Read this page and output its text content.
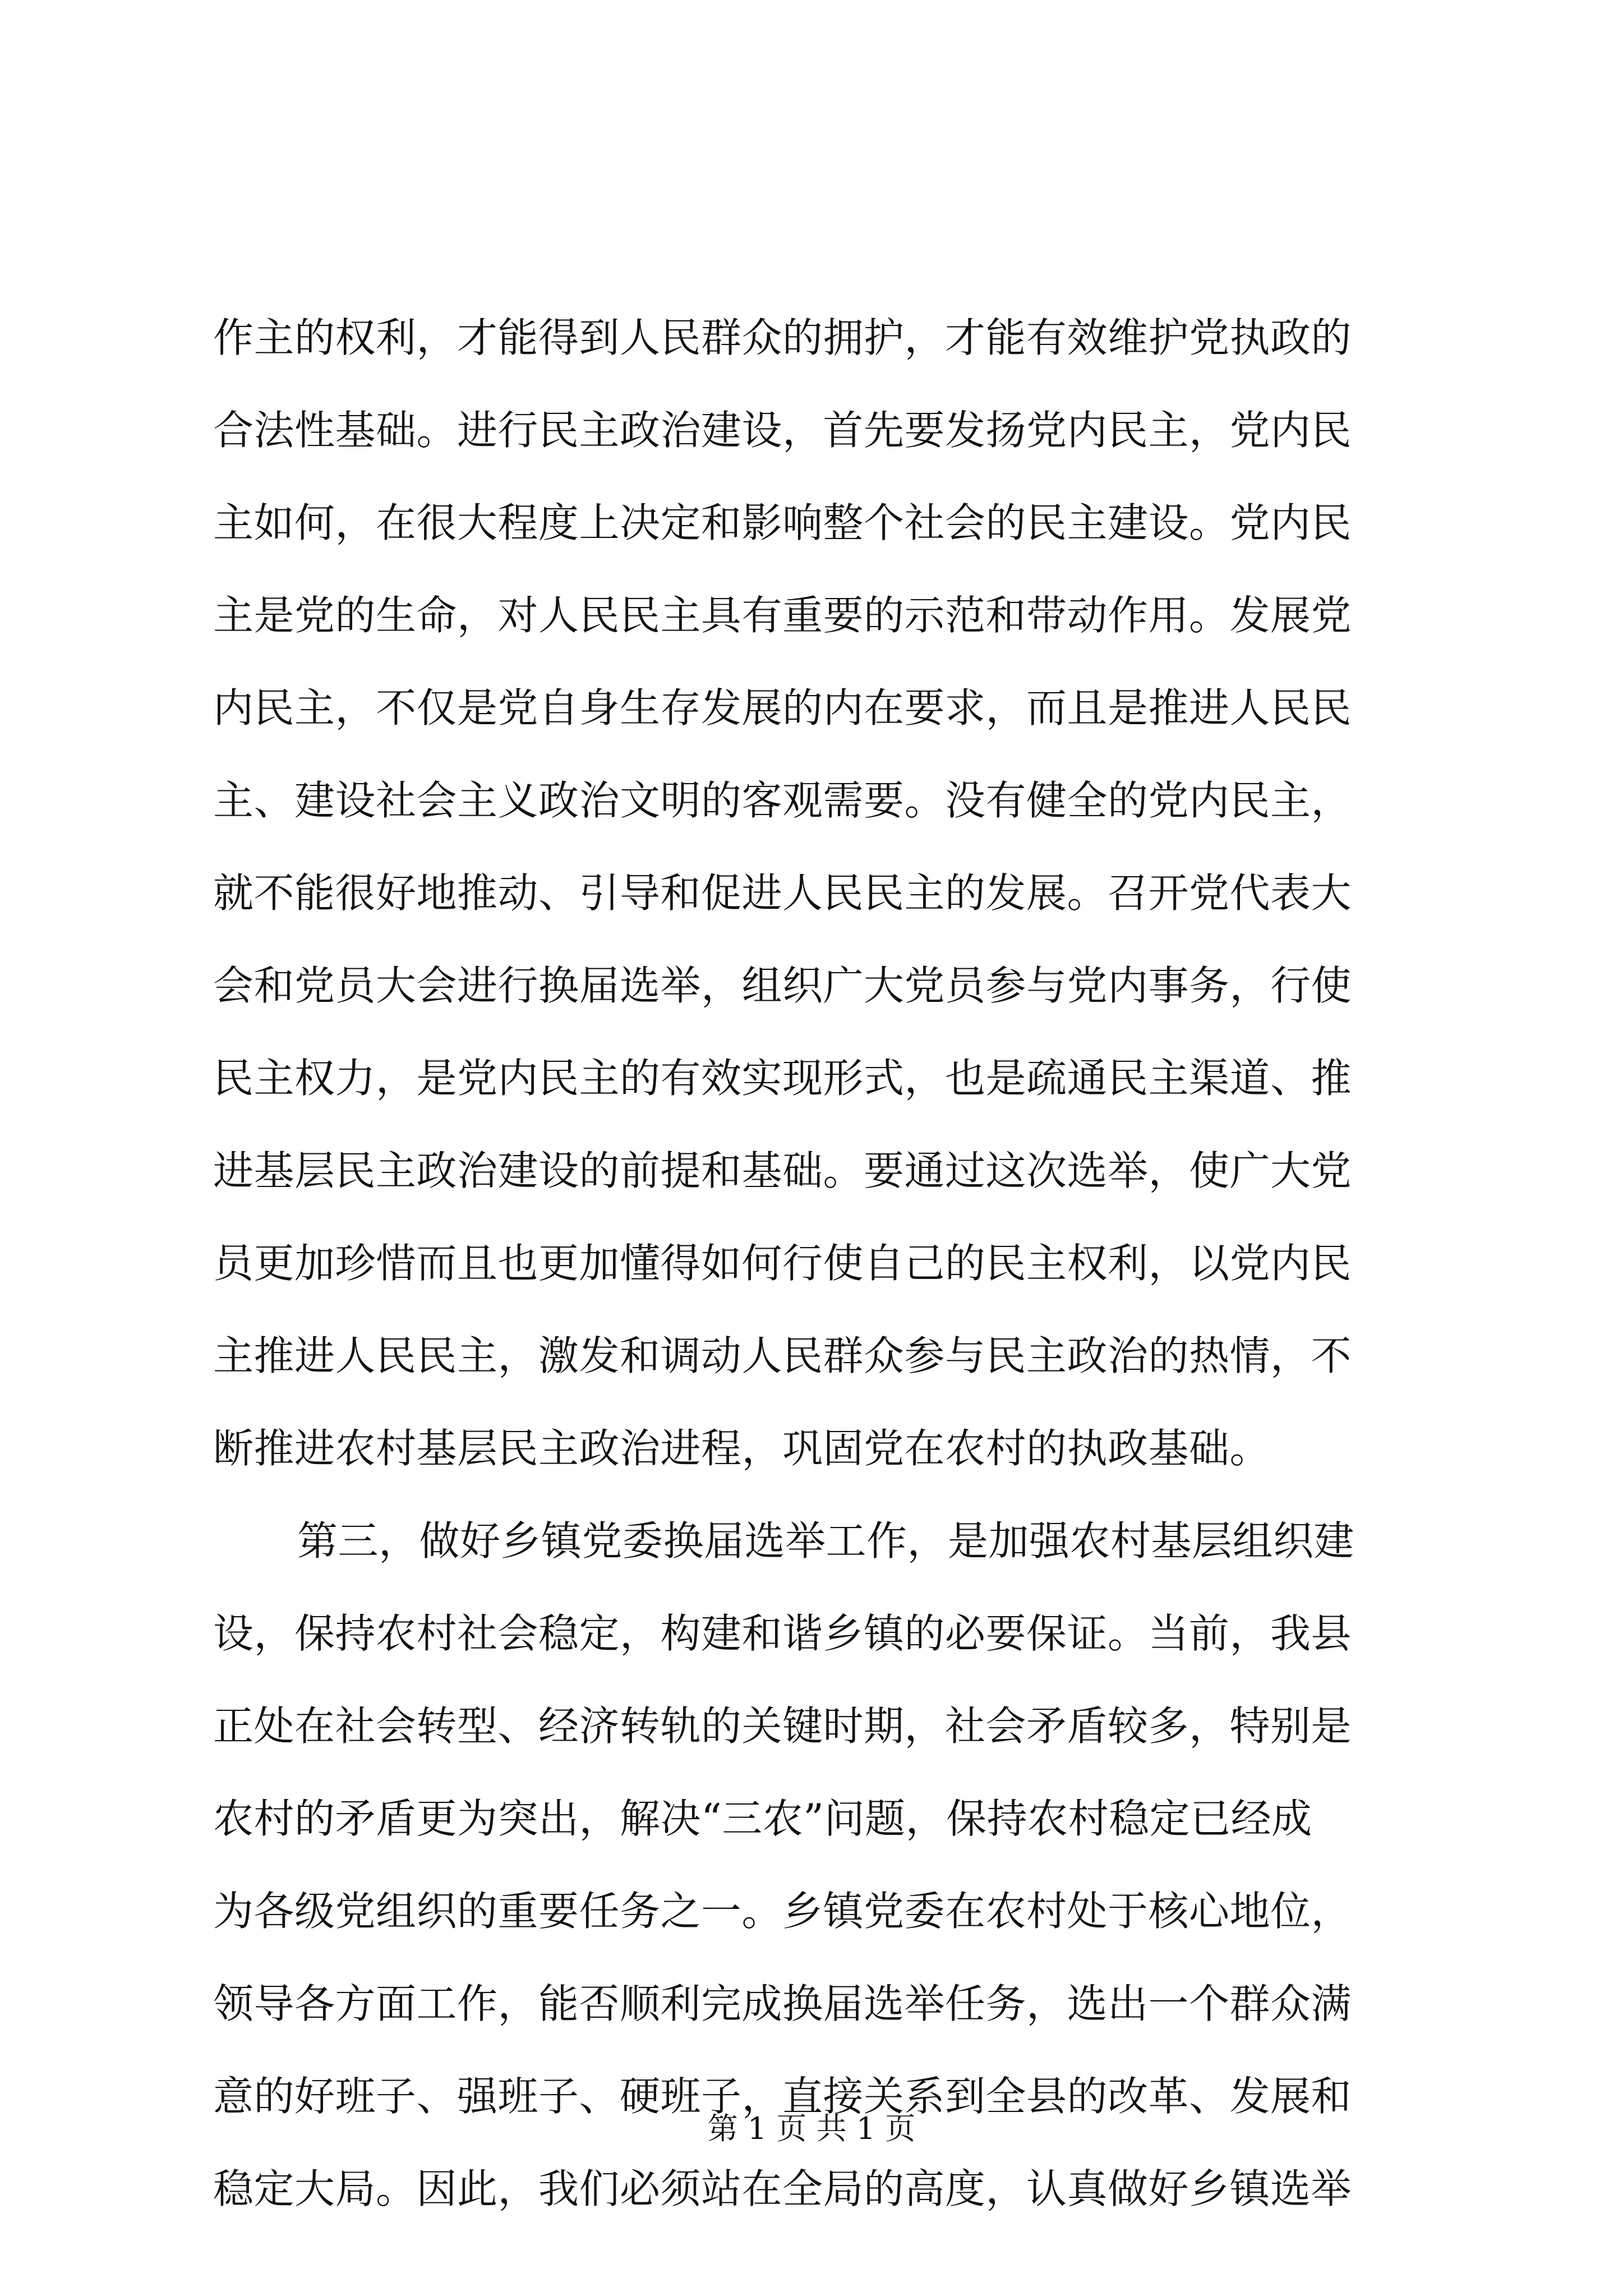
作主的权利，才能得到人民群众的拥护，才能有效维护党执政的
合法性基础。进行民主政治建设，首先要发扬党内民主，党内民
主如何，在很大程度上决定和影响整个社会的民主建设。党内民
主是党的生命，对人民民主具有重要的示范和带动作用。发展党
内民主，不仅是党自身生存发展的内在要求，而且是推进人民民
主、建设社会主义政治文明的客观需要。没有健全的党内民主，
就不能很好地推动、引导和促进人民民主的发展。召开党代表大
会和党员大会进行换届选举，组织广大党员参与党内事务，行使
民主权力，是党内民主的有效实现形式，也是疏通民主渠道、推
进基层民主政治建设的前提和基础。要通过这次选举，使广大党
员更加珍惜而且也更加懂得如何行使自己的民主权利，以党内民
主推进人民民主，激发和调动人民群众参与民主政治的热情，不
断推进农村基层民主政治进程，巩固党在农村的执政基础。
第三，做好乡镇党委换届选举工作，是加强农村基层组织建
设，保持农村社会稳定，构建和谐乡镇的必要保证。当前，我县
正处在社会转型、经济转轨的关键时期，社会矛盾较多，特别是
农村的矛盾更为突出，解决“三农”问题，保持农村稳定已经成
为各级党组织的重要任务之一。乡镇党委在农村处于核心地位，
领导各方面工作，能否顺利完成换届选举任务，选出一个群众满
意的好班子、强班子、硬班子，直接关系到全县的改革、发展和
稳定大局。因此，我们必须站在全局的高度，认真做好乡镇选举
第 1 页 共 1 页
